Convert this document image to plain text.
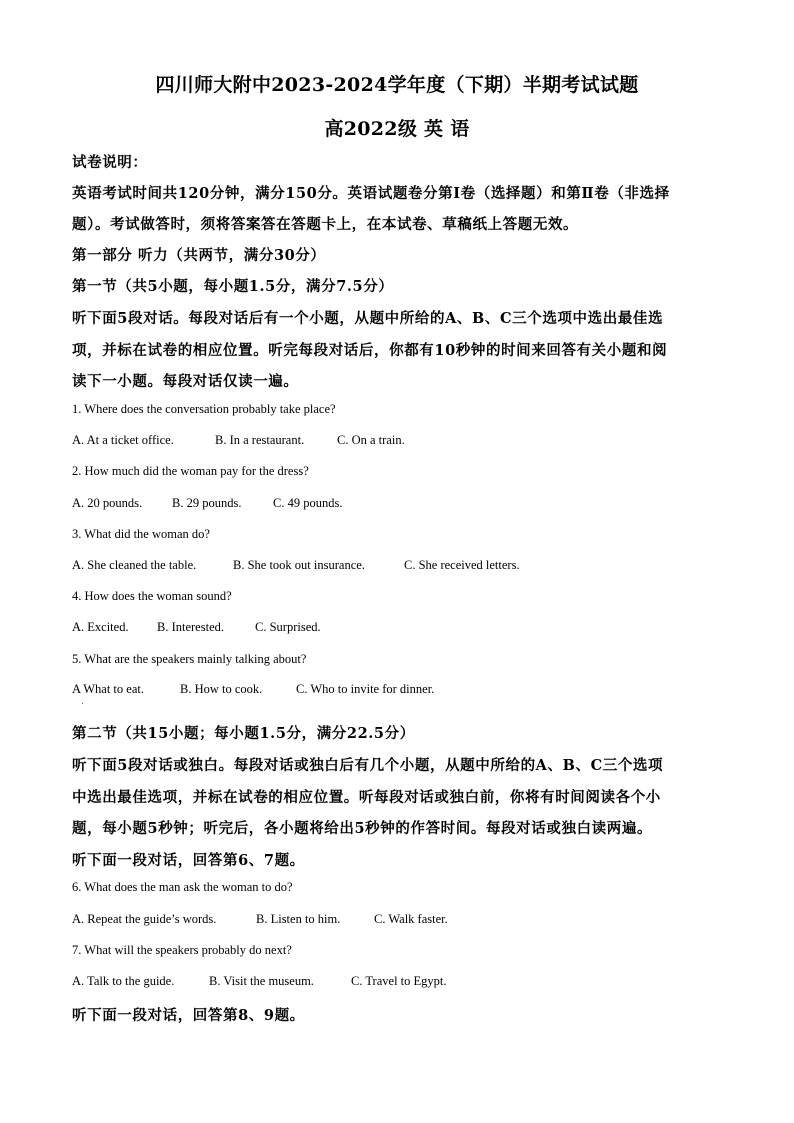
四川师大附中2023-2024学年度（下期）半期考试试题
高2022级 英 语
试卷说明：
英语考试时间共120分钟，满分150分。英语试题卷分第Ⅰ卷（选择题）和第Ⅱ卷（非选择
题）。考试做答时，须将答案答在答题卡上，在本试卷、草稿纸上答题无效。
第一部分 听力（共两节，满分30分）
第一节（共5小题，每小题1.5分，满分7.5分）
听下面5段对话。每段对话后有一个小题，从题中所给的A、B、C三个选项中选出最佳选
项，并标在试卷的相应位置。听完每段对话后，你都有10秒钟的时间来回答有关小题和阅
读下一小题。每段对话仅读一遍。
1. Where does the conversation probably take place?
A. At a ticket office.	B. In a restaurant.	C. On a train.
2. How much did the woman pay for the dress?
A. 20 pounds. B. 29 pounds.	C. 49 pounds.
3. What did the woman do?
A. She cleaned the table.	B. She took out insurance.	C. She received letters.
4. How does the woman sound?
A. Excited. B. Interested. C. Surprised.
5. What are the speakers mainly talking about?
A What to eat.	B. How to cook.	C. Who to invite for dinner.
第二节（共15小题；每小题1.5分，满分22.5分）
听下面5段对话或独白。每段对话或独白后有几个小题，从题中所给的A、B、C三个选项
中选出最佳选项，并标在试卷的相应位置。听每段对话或独白前，你将有时间阅读各个小
题，每小题5秒钟；听完后，各小题将给出5秒钟的作答时间。每段对话或独白读两遍。
听下面一段对话，回答第6、7题。
6. What does the man ask the woman to do?
A. Repeat the guide’s words.	B. Listen to him.	C. Walk faster.
7. What will the speakers probably do next?
A. Talk to the guide.	B. Visit the museum.	C. Travel to Egypt.
听下面一段对话，回答第8、9题。
